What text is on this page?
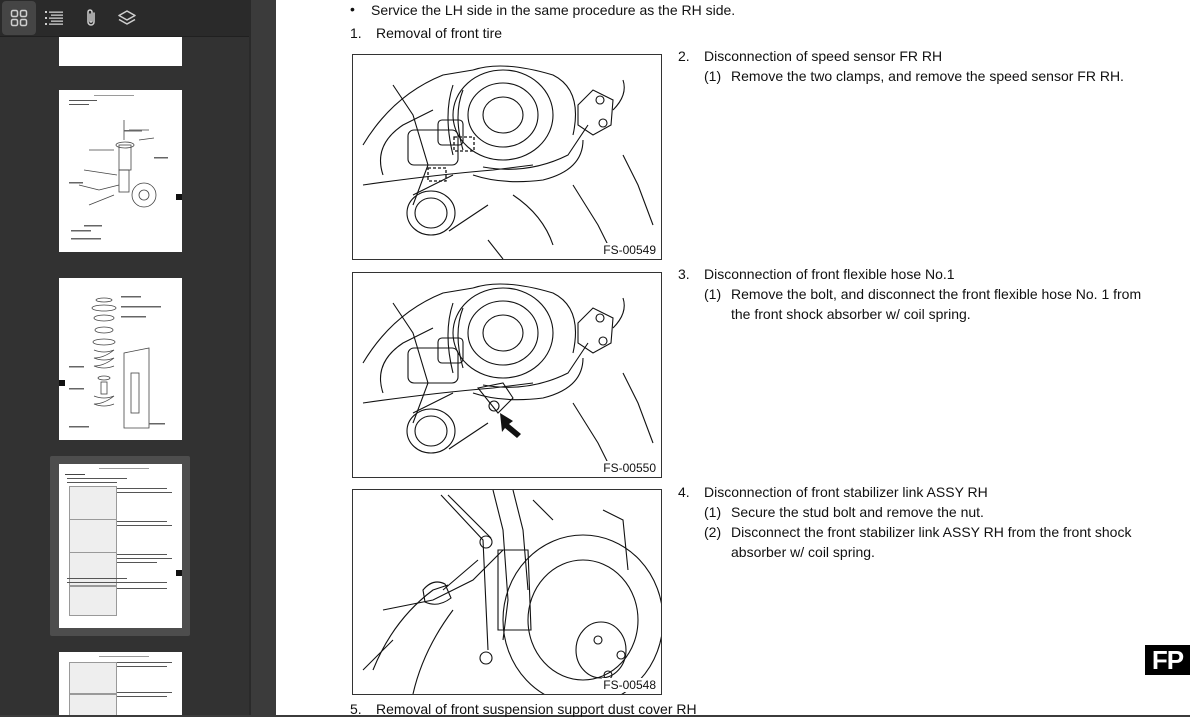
• Service the LH side in the same procedure as the RH side.
1. Removal of front tire
2. Disconnection of speed sensor FR RH
(1) Remove the two clamps, and remove the speed sensor FR RH.
3. Disconnection of front flexible hose No.1
(1) Remove the bolt, and disconnect the front flexible hose No. 1 from
the front shock absorber w/ coil spring.
4. Disconnection of front stabilizer link ASSY RH
(1) Secure the stud bolt and remove the nut.
(2) Disconnect the front stabilizer link ASSY RH from the front shock
absorber w/ coil spring.
5. Removal of front suspension support dust cover RH
FS-00549
FS-00550
FS-00548
FP
